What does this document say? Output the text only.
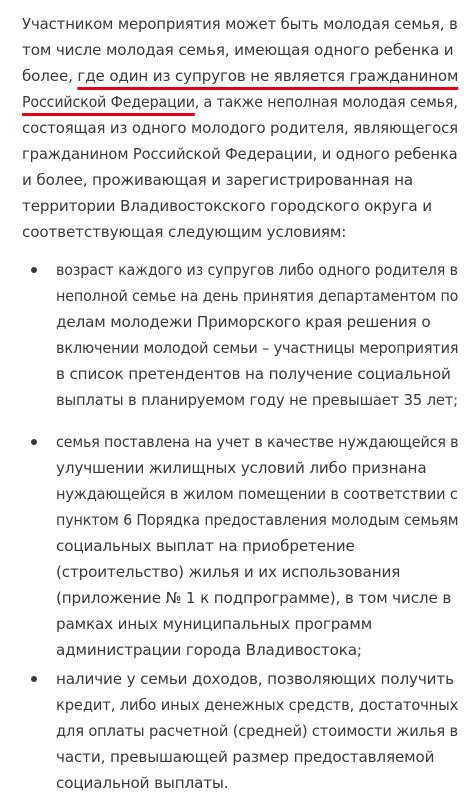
Участником мероприятия может быть молодая семья, в
том числе молодая семья, имеющая одного ребенка и
более, где один из супругов не является гражданином
Российской Федерации, а также неполная молодая семья,
состоящая из одного молодого родителя, являющегося
гражданином Российской Федерации, и одного ребенка
и более, проживающая и зарегистрированная на
территории Владивостокского городского округа и
соответствующая следующим условиям:
возраст каждого из супругов либо одного родителя в
неполной семье на день принятия департаментом по
делам молодежи Приморского края решения о
включении молодой семьи – участницы мероприятия
в список претендентов на получение социальной
выплаты в планируемом году не превышает 35 лет;
семья поставлена на учет в качестве нуждающейся в
улучшении жилищных условий либо признана
нуждающейся в жилом помещении в соответствии с
пунктом 6 Порядка предоставления молодым семьям
социальных выплат на приобретение
(строительство) жилья и их использования
(приложение № 1 к подпрограмме), в том числе в
рамках иных муниципальных программ
администрации города Владивостока;
наличие у семьи доходов, позволяющих получить
кредит, либо иных денежных средств, достаточных
для оплаты расчетной (средней) стоимости жилья в
части, превышающей размер предоставляемой
социальной выплаты.
